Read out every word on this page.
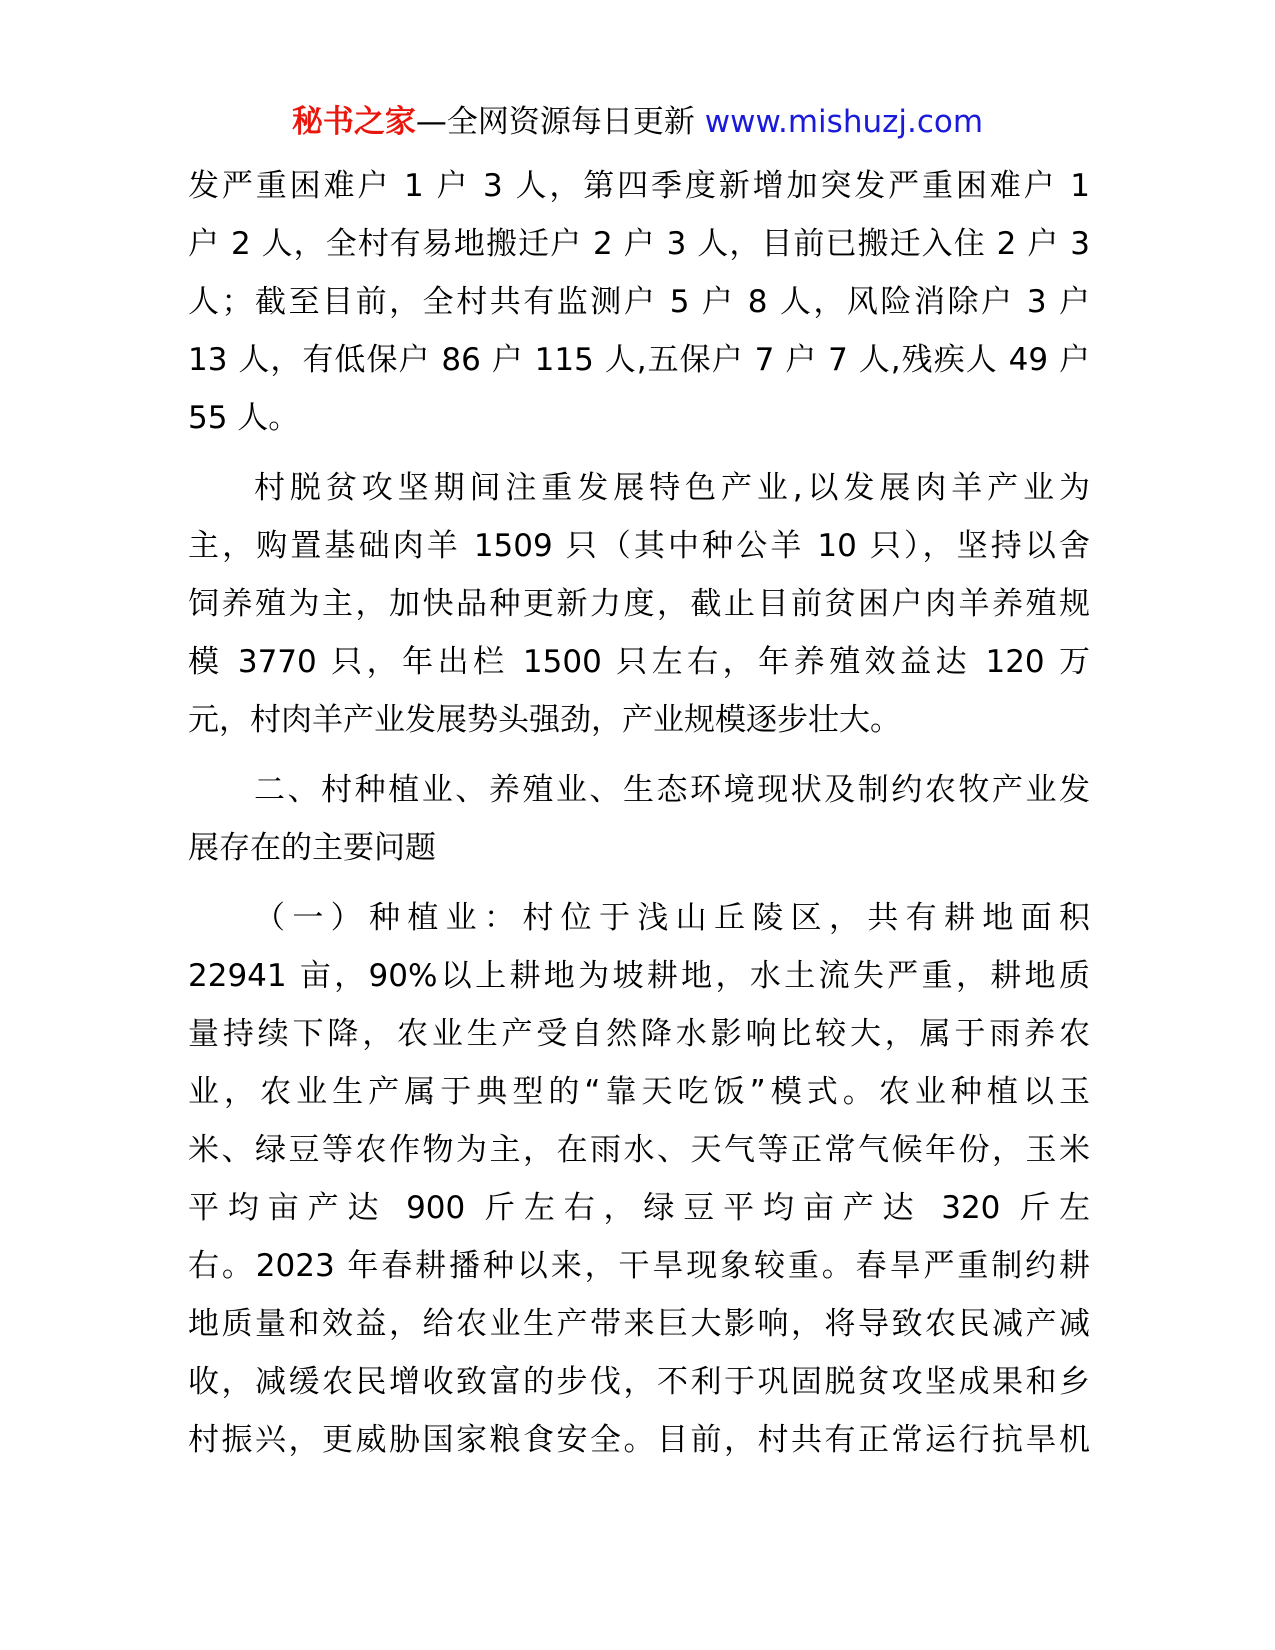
秘书之家—全网资源每日更新 www.mishuzj.com
发严重困难户 1 户 3 人，第四季度新增加突发严重困难户 1
户 2 人，全村有易地搬迁户 2 户 3 人，目前已搬迁入住 2 户 3
人；截至目前，全村共有监测户 5 户 8 人，风险消除户 3 户
13 人，有低保户 86 户 115 人,五保户 7 户 7 人,残疾人 49 户
55 人。
村脱贫攻坚期间注重发展特色产业,以发展肉羊产业为
主，购置基础肉羊 1509 只（其中种公羊 10 只），坚持以舍
饲养殖为主，加快品种更新力度，截止目前贫困户肉羊养殖规
模 3770 只，年出栏 1500 只左右，年养殖效益达 120 万
元，村肉羊产业发展势头强劲，产业规模逐步壮大。
二、村种植业、养殖业、生态环境现状及制约农牧产业发
展存在的主要问题
（一）种植业：村位于浅山丘陵区，共有耕地面积
22941 亩，90%以上耕地为坡耕地，水土流失严重，耕地质
量持续下降，农业生产受自然降水影响比较大，属于雨养农
业，农业生产属于典型的“靠天吃饭”模式。农业种植以玉
米、绿豆等农作物为主，在雨水、天气等正常气候年份，玉米
平均亩产达 900 斤左右，绿豆平均亩产达 320 斤左
右。2023 年春耕播种以来，干旱现象较重。春旱严重制约耕
地质量和效益，给农业生产带来巨大影响，将导致农民减产减
收，减缓农民增收致富的步伐，不利于巩固脱贫攻坚成果和乡
村振兴，更威胁国家粮食安全。目前，村共有正常运行抗旱机
